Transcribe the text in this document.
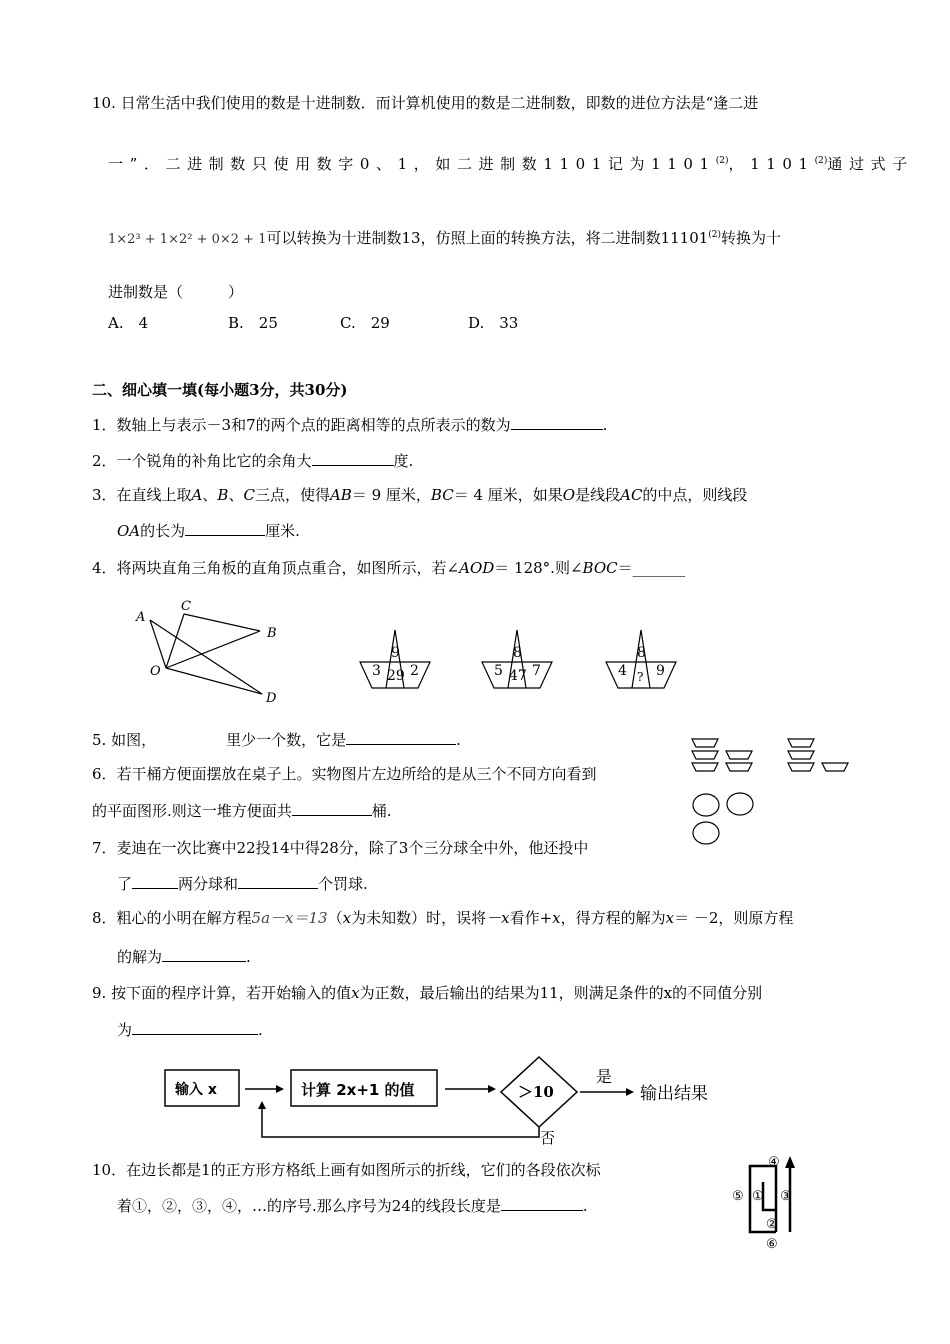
10. 日常生活中我们使用的数是十进制数．而计算机使用的数是二进制数，即数的进位方法是“逢二进
一”．二进制数只使用数字0、1，如二进制数1101记为1101$^{(2)}$，1101$^{(2)}$通过式子
1×2³ + 1×2² + 0×2 + 1可以转换为十进制数13，仿照上面的转换方法，将二进制数11101$^{(2)}$转换为十
进制数是（　　　）
A.　4	B.　25	C.　29	D.　33
二、细心填一填(每小题3分，共30分)
1．数轴上与表示－3和7的两个点的距离相等的点所表示的数为	.
2．一个锐角的补角比它的余角大	度.
3．在直线上取A、B、C三点，使得AB＝ 9 厘米，BC＝ 4 厘米，如果O是线段AC的中点，则线段
OA的长为	厘米.
4．将两块直角三角板的直角顶点重合，如图所示，若∠AOD＝ 128°.则∠BOC＝_______
A
C
B
O
D
9
3 29 2
8
5 47 7
8
4 ? 9
5. 如图，	里少一个数，它是	.
6．若干桶方便面摆放在桌子上。实物图片左边所给的是从三个不同方向看到
的平面图形.则这一堆方便面共	桶.
7．麦迪在一次比赛中22投14中得28分，除了3个三分球全中外，他还投中
了	两分球和	个罚球.
8．粗心的小明在解方程5a－x＝13（x为未知数）时，误将－x看作+x，得方程的解为x＝ －2，则原方程
的解为	.
9. 按下面的程序计算，若开始输入的值x为正数，最后输出的结果为11，则满足条件的x的不同值分别
为	.
输入 x	计算 2x+1 的值	＞10
是
输出结果
否
10．在边长都是1的正方形方格纸上画有如图所示的折线，它们的各段依次标
着①，②，③，④，…的序号.那么序号为24的线段长度是	.
④
⑤ ① ③
②
⑥
